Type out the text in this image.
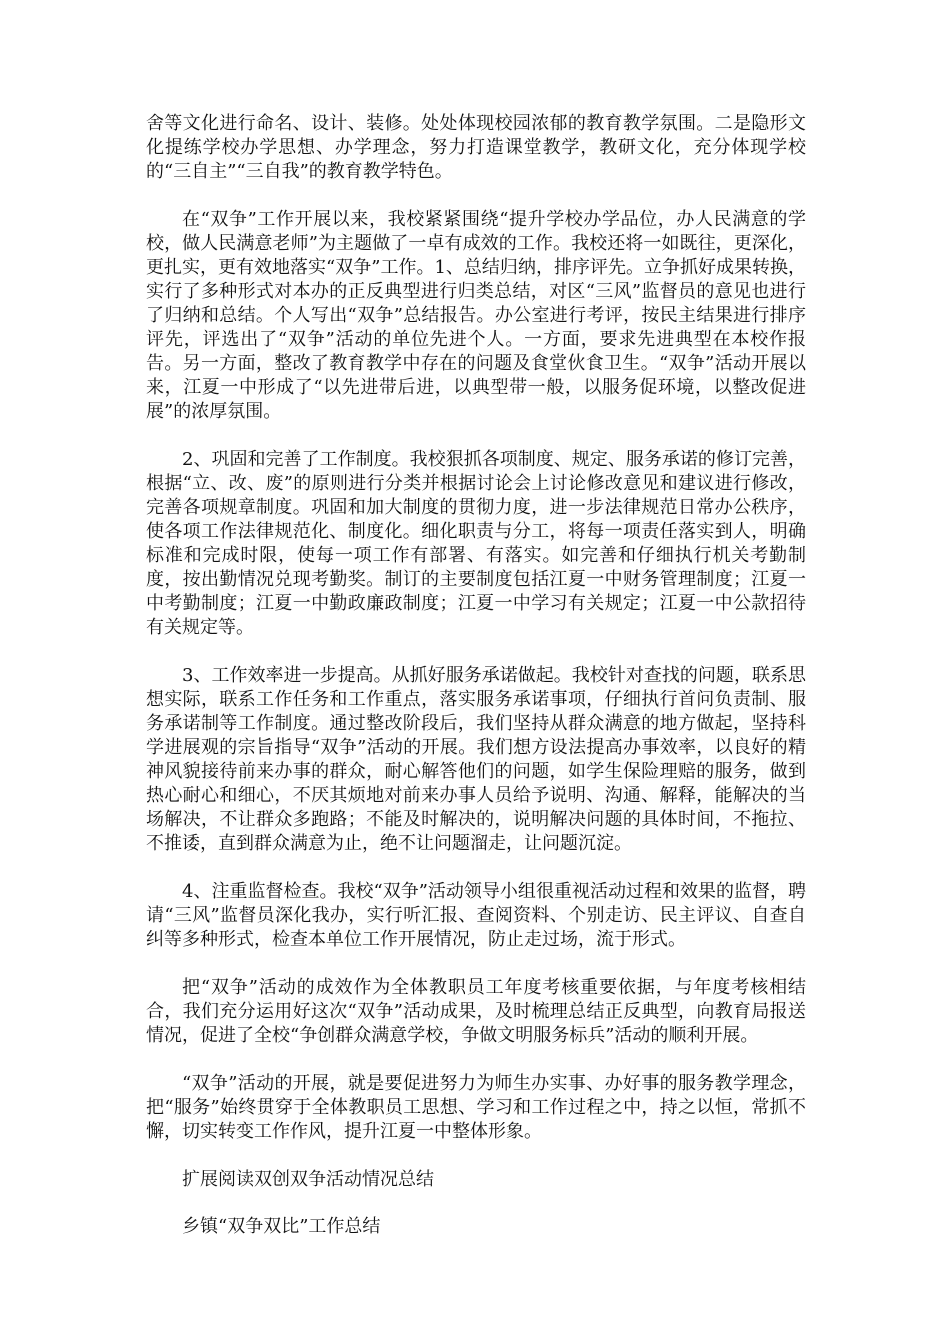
舍等文化进行命名、设计、装修。处处体现校园浓郁的教育教学氛围。二是隐形文化提练学校办学思想、办学理念，努力打造课堂教学，教研文化，充分体现学校的“三自主”“三自我”的教育教学特色。

在“双争”工作开展以来，我校紧紧围绕“提升学校办学品位，办人民满意的学校，做人民满意老师”为主题做了一卓有成效的工作。我校还将一如既往，更深化，更扎实，更有效地落实“双争”工作。1、总结归纳，排序评先。立争抓好成果转换，实行了多种形式对本办的正反典型进行归类总结，对区“三风”监督员的意见也进行了归纳和总结。个人写出“双争”总结报告。办公室进行考评，按民主结果进行排序评先，评选出了“双争”活动的单位先进个人。一方面，要求先进典型在本校作报告。另一方面，整改了教育教学中存在的问题及食堂伙食卫生。“双争”活动开展以来，江夏一中形成了“以先进带后进，以典型带一般，以服务促环境，以整改促进展”的浓厚氛围。

2、巩固和完善了工作制度。我校狠抓各项制度、规定、服务承诺的修订完善，根据“立、改、废”的原则进行分类并根据讨论会上讨论修改意见和建议进行修改，完善各项规章制度。巩固和加大制度的贯彻力度，进一步法律规范日常办公秩序，使各项工作法律规范化、制度化。细化职责与分工，将每一项责任落实到人，明确标准和完成时限，使每一项工作有部署、有落实。如完善和仔细执行机关考勤制度，按出勤情况兑现考勤奖。制订的主要制度包括江夏一中财务管理制度；江夏一中考勤制度；江夏一中勤政廉政制度；江夏一中学习有关规定；江夏一中公款招待有关规定等。

3、工作效率进一步提高。从抓好服务承诺做起。我校针对查找的问题，联系思想实际，联系工作任务和工作重点，落实服务承诺事项，仔细执行首问负责制、服务承诺制等工作制度。通过整改阶段后，我们坚持从群众满意的地方做起，坚持科学进展观的宗旨指导“双争”活动的开展。我们想方设法提高办事效率，以良好的精神风貌接待前来办事的群众，耐心解答他们的问题，如学生保险理赔的服务，做到热心耐心和细心，不厌其烦地对前来办事人员给予说明、沟通、解释，能解决的当场解决，不让群众多跑路；不能及时解决的，说明解决问题的具体时间，不拖拉、不推诿，直到群众满意为止，绝不让问题溜走，让问题沉淀。

4、注重监督检查。我校“双争”活动领导小组很重视活动过程和效果的监督，聘请“三风”监督员深化我办，实行听汇报、查阅资料、个别走访、民主评议、自查自纠等多种形式，检查本单位工作开展情况，防止走过场，流于形式。

把“双争”活动的成效作为全体教职员工年度考核重要依据，与年度考核相结合，我们充分运用好这次“双争”活动成果，及时梳理总结正反典型，向教育局报送情况，促进了全校“争创群众满意学校，争做文明服务标兵”活动的顺利开展。

“双争”活动的开展，就是要促进努力为师生办实事、办好事的服务教学理念，把“服务”始终贯穿于全体教职员工思想、学习和工作过程之中，持之以恒，常抓不懈，切实转变工作作风，提升江夏一中整体形象。

扩展阅读双创双争活动情况总结

乡镇“双争双比”工作总结
